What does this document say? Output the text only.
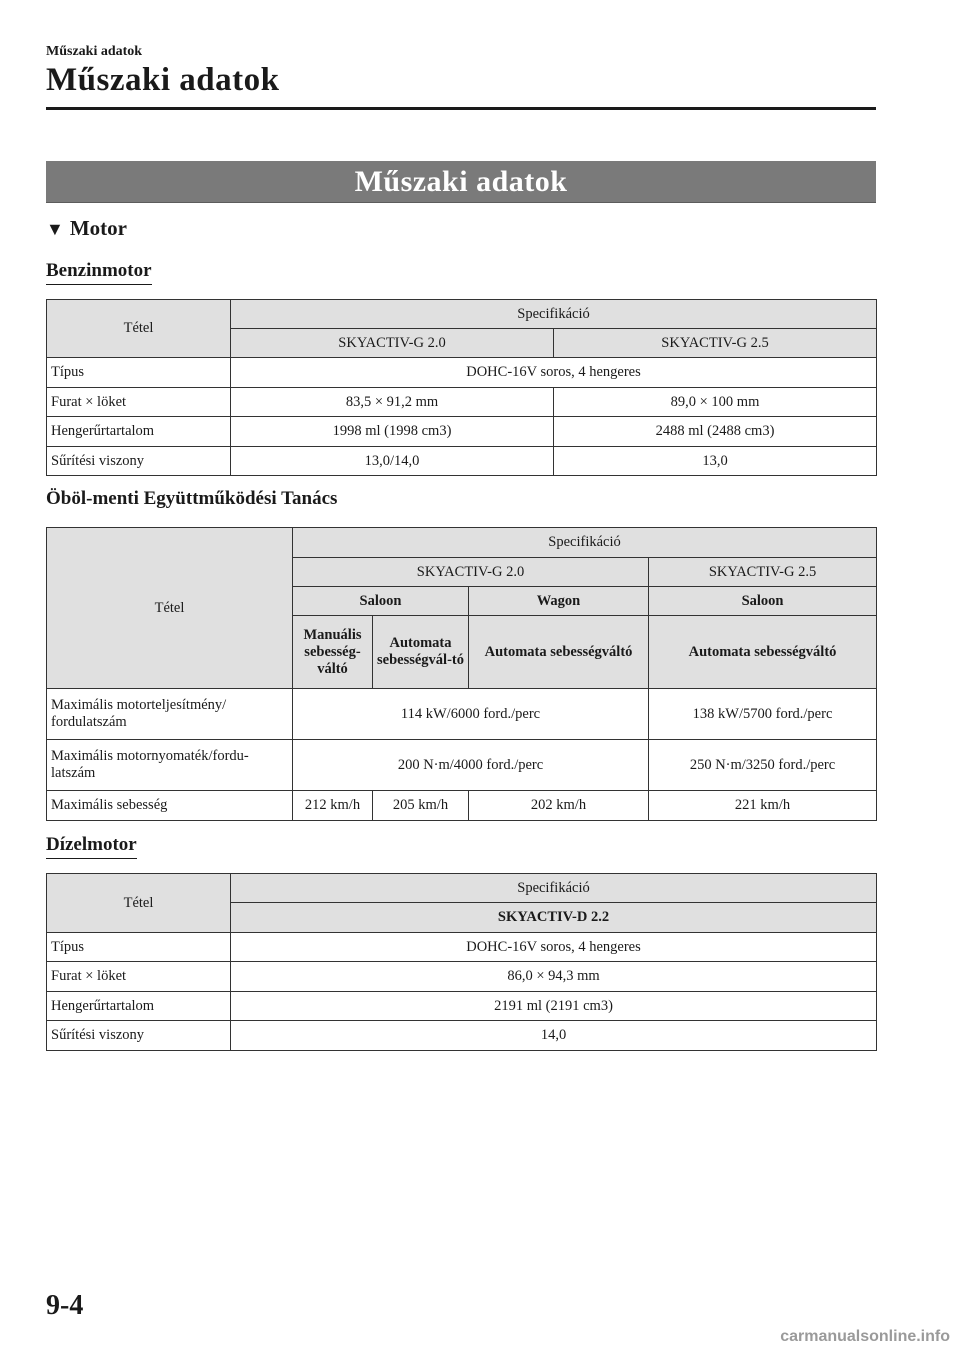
Műszaki adatok
Műszaki adatok
Műszaki adatok
▼ Motor
Benzinmotor
Tétel	Specifikáció	
	SKYACTIV-G 2.0	SKYACTIV-G 2.5
Típus	DOHC-16V soros, 4 hengeres	
Furat × löket	83,5 × 91,2 mm	89,0 × 100 mm
Hengerűrtartalom	1998 ml (1998 cm3)	2488 ml (2488 cm3)
Sűrítési viszony	13,0/14,0	13,0
Öböl-menti Együttműködési Tanács
Tétel	Specifikáció			
	SKYACTIV-G 2.0			SKYACTIV-G 2.5
	Saloon		Wagon	Saloon
	Manuális sebesség-váltó	Automata sebességvál-tó	Automata sebességváltó	Automata sebességváltó
Maximális motorteljesítmény/ fordulatszám	114 kW/6000 ford./perc			138 kW/5700 ford./perc
Maximális motornyomaték/fordu-latszám	200 N·m/4000 ford./perc			250 N·m/3250 ford./perc
Maximális sebesség	212 km/h	205 km/h	202 km/h	221 km/h
Dízelmotor
Tétel	Specifikáció
	SKYACTIV-D 2.2
Típus	DOHC-16V soros, 4 hengeres
Furat × löket	86,0 × 94,3 mm
Hengerűrtartalom	2191 ml (2191 cm3)
Sűrítési viszony	14,0
9-4
carmanualsonline.info
